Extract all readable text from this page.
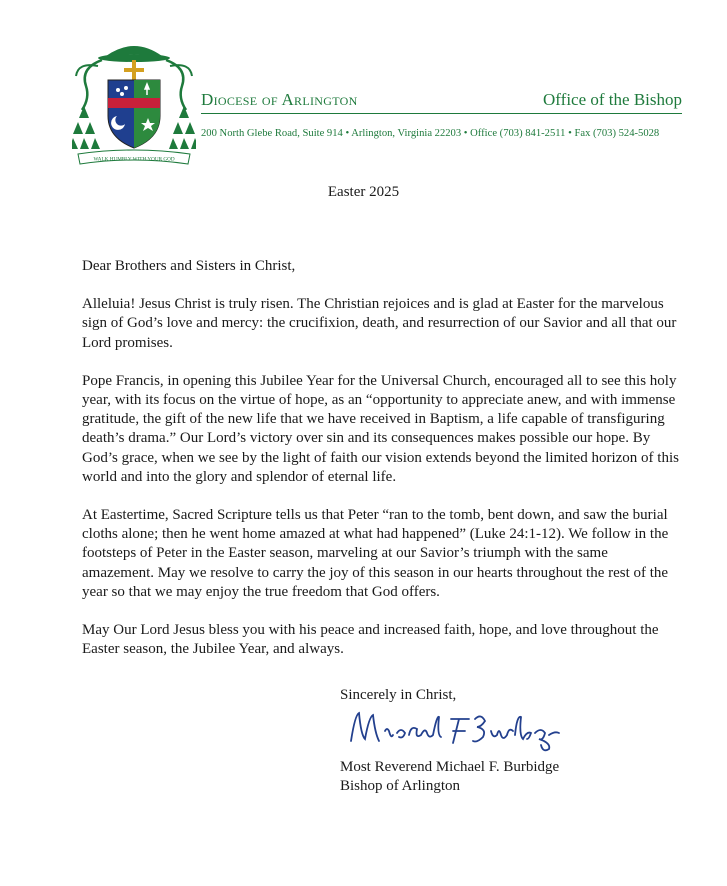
WALK HUMBLY WITH YOUR GOD
Diocese of Arlington	Office of the Bishop
200 North Glebe Road, Suite 914 • Arlington, Virginia 22203 • Office (703) 841-2511 • Fax (703) 524-5028
Easter 2025

Dear Brothers and Sisters in Christ,

Alleluia! Jesus Christ is truly risen. The Christian rejoices and is glad at Easter for the marvelous sign of God’s love and mercy: the crucifixion, death, and resurrection of our Savior and all that our Lord promises.

Pope Francis, in opening this Jubilee Year for the Universal Church, encouraged all to see this holy year, with its focus on the virtue of hope, as an “opportunity to appreciate anew, and with immense gratitude, the gift of the new life that we have received in Baptism, a life capable of transfiguring death’s drama.” Our Lord’s victory over sin and its consequences makes possible our hope. By God’s grace, when we see by the light of faith our vision extends beyond the limited horizon of this world and into the glory and splendor of eternal life.

At Eastertime, Sacred Scripture tells us that Peter “ran to the tomb, bent down, and saw the burial cloths alone; then he went home amazed at what had happened” (Luke 24:1-12). We follow in the footsteps of Peter in the Easter season, marveling at our Savior’s triumph with the same amazement. May we resolve to carry the joy of this season in our hearts throughout the rest of the year so that we may enjoy the true freedom that God offers.

May Our Lord Jesus bless you with his peace and increased faith, hope, and love throughout the Easter season, the Jubilee Year, and always.

Sincerely in Christ,
Most Reverend Michael F. Burbidge
Bishop of Arlington
